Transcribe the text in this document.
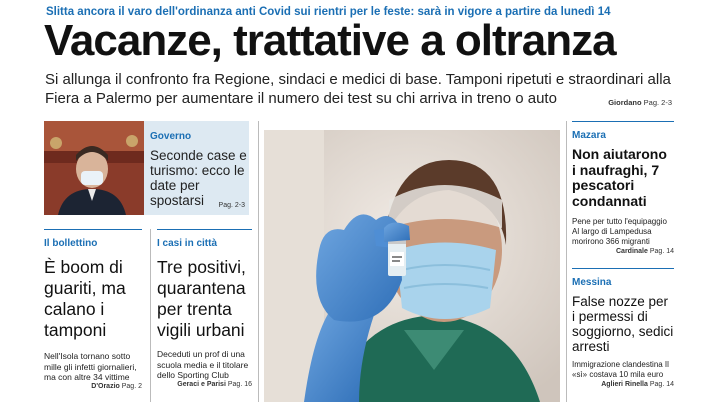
Slitta ancora il varo dell'ordinanza anti Covid sui rientri per le feste: sarà in vigore a partire da lunedì 14
Vacanze, trattative a oltranza
Si allunga il confronto fra Regione, sindaci e medici di base. Tamponi ripetuti e straordinari alla Fiera a Palermo per aumentare il numero dei test su chi arriva in treno o auto	Giordano Pag. 2-3
Governo
Seconde case e turismo: ecco le date per spostarsi	Pag. 2-3
Il bollettino
È boom di guariti, ma calano i tamponi
Nell'Isola tornano sotto mille gli infetti giornalieri, ma con altre 34 vittime
D'Orazio Pag. 2
I casi in città
Tre positivi, quarantena per trenta vigili urbani
Deceduti un prof di una scuola media e il titolare dello Sporting Club
Geraci e Parisi Pag. 16
Mazara
Non aiutarono i naufraghi, 7 pescatori condannati
Pene per tutto l'equipaggio Al largo di Lampedusa morirono 366 migranti
Cardinale Pag. 14
Messina
False nozze per i permessi di soggiorno, sedici arresti
Immigrazione clandestina Il «sì» costava 10 mila euro
Aglieri Rinella Pag. 14
